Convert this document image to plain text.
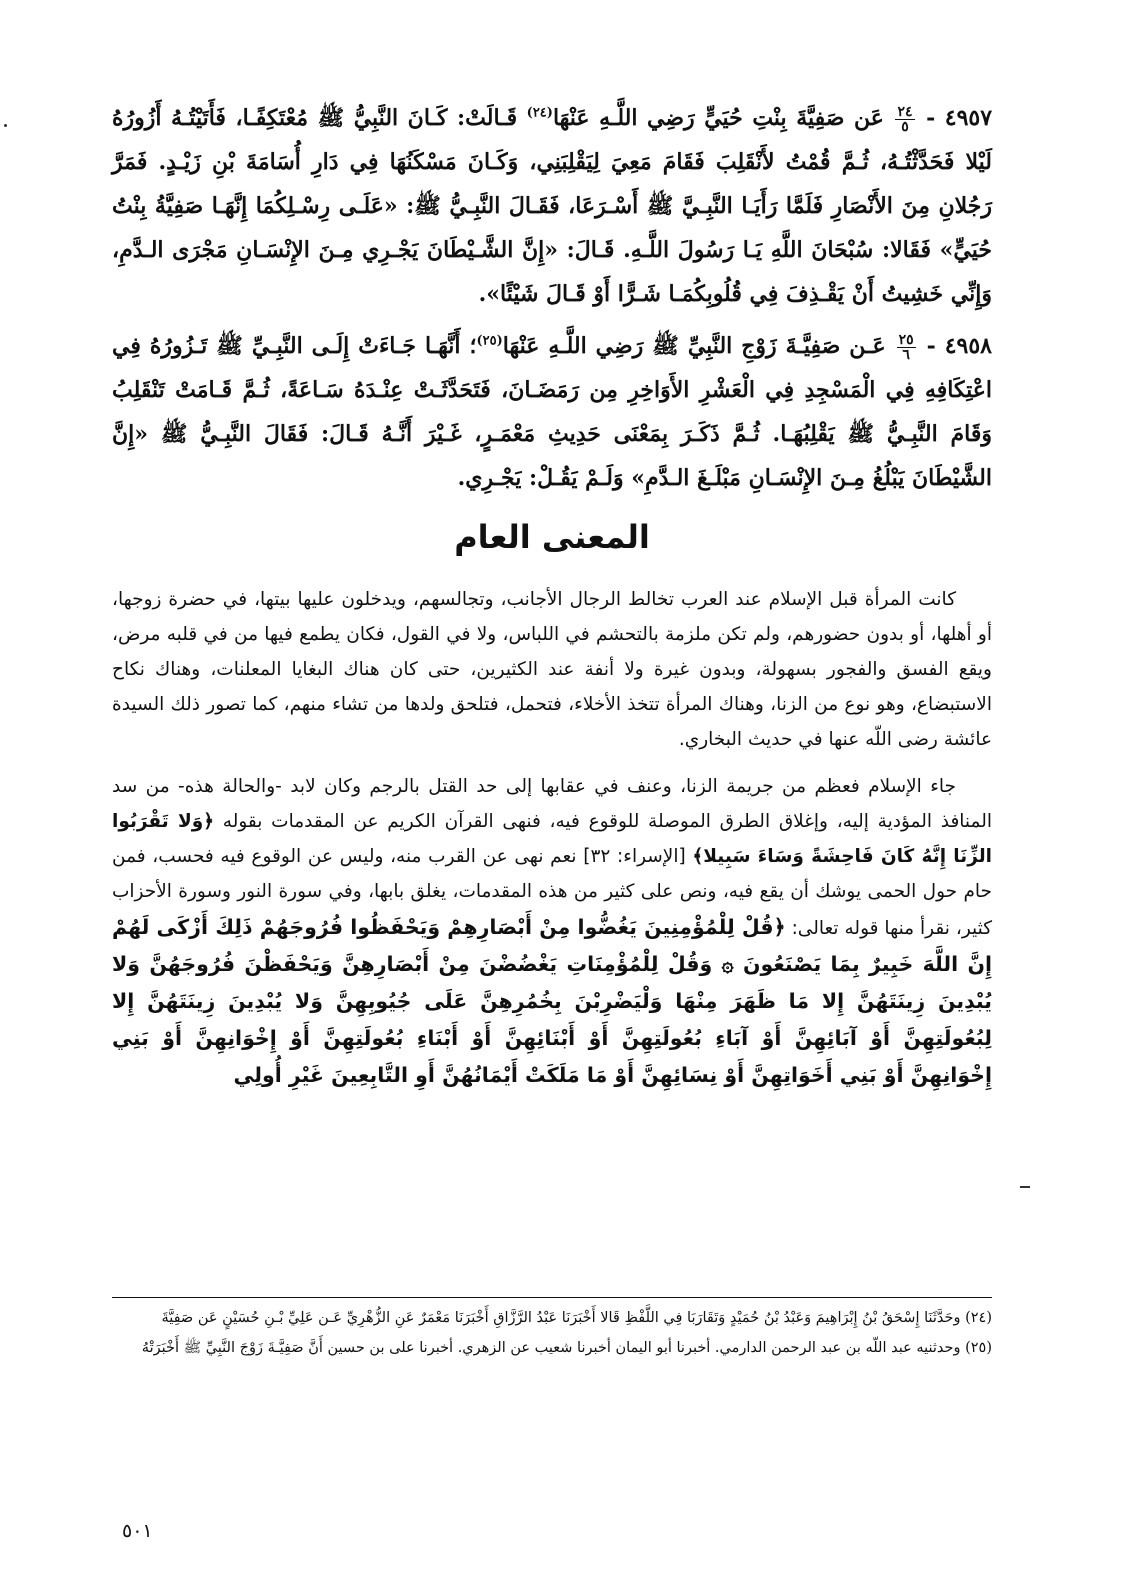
٤٩٥٧ -
$\frac{٢٤}{٥}$
عَن صَفِيَّةَ بِنْتِ حُيَيٍّ رَضِي اللَّـهِ عَنْهَا$^{(٢٤)}$ قَـالَتْ: كَـانَ النَّبِيُّ ﷺ مُعْتَكِفًـا، فَأَتَيْتُـهُ أَزُورُهُ لَيْلا فَحَدَّثْتُـهُ، ثُـمَّ قُمْتُ لأَنْقَلِبَ فَقَامَ مَعِيَ لِيَقْلِبَنِي، وَكَـانَ مَسْكَنُهَا فِي دَارِ أُسَامَةَ بْنِ زَيْـدٍ. فَمَرَّ رَجُلانِ مِنَ الأَنْصَارِ فَلَمَّا رَأَيَـا النَّبِـيَّ ﷺ أَسْـرَعَا، فَقَـالَ النَّبِـيُّ ﷺ: «عَلَـى رِسْـلِكُمَا إِنَّهَـا صَفِيَّةُ بِنْتُ حُيَيٍّ» فَقَالا: سُبْحَانَ اللَّهِ يَـا رَسُولَ اللَّـهِ. قَـالَ: «إِنَّ الشَّـيْطَانَ يَجْـرِي مِـنَ الإِنْسَـانِ مَجْرَى الـدَّمِ، وَإِنِّي خَشِيتُ أَنْ يَقْـذِفَ فِي قُلُوبِكُمَـا شَـرًّا أَوْ قَـالَ شَيْئًا».

٤٩٥٨ -
$\frac{٢٥}{٦}$
عَـن صَفِيَّـةَ زَوْجِ النَّبِيِّ ﷺ رَضِي اللَّـهِ عَنْهَا$^{(٢٥)}$؛ أَنَّهَـا جَـاءَتْ إِلَـى النَّبِـيِّ ﷺ تَـزُورُهُ فِي اعْتِكَافِهِ فِي الْمَسْجِدِ فِي الْعَشْرِ الأَوَاخِرِ مِن رَمَضَـانَ، فَتَحَدَّثَـتْ عِنْـدَهُ سَـاعَةً، ثُـمَّ قَـامَتْ تَنْقَلِبُ وَقَامَ النَّبِـيُّ ﷺ يَقْلِبُهَـا. ثُـمَّ ذَكَـرَ بِمَعْنَى حَدِيثِ مَعْمَـرٍ، غَـيْرَ أَنَّـهُ قَـالَ: فَقَالَ النَّبِـيُّ ﷺ «إِنَّ الشَّيْطَانَ يَبْلُغُ مِـنَ الإِنْسَـانِ مَبْلَـغَ الـدَّمِ» وَلَـمْ يَقُـلْ: يَجْـرِي.

المعنى العام

كانت المرأة قبل الإسلام عند العرب تخالط الرجال الأجانب، وتجالسهم، ويدخلون عليها بيتها، في حضرة زوجها، أو أهلها، أو بدون حضورهم، ولم تكن ملزمة بالتحشم في اللباس، ولا في القول، فكان يطمع فيها من في قلبه مرض، ويقع الفسق والفجور بسهولة، وبدون غيرة ولا أنفة عند الكثيرين، حتى كان هناك البغايا المعلنات، وهناك نكاح الاستبضاع، وهو نوع من الزنا، وهناك المرأة تتخذ الأخلاء، فتحمل، فتلحق ولدها من تشاء منهم، كما تصور ذلك السيدة عائشة رضى اللّه عنها في حديث البخاري.

جاء الإسلام فعظم من جريمة الزنا، وعنف في عقابها إلى حد القتل بالرجم وكان لابد -والحالة هذه- من سد المنافذ المؤدية إليه، وإغلاق الطرق الموصلة للوقوع فيه، فنهى القرآن الكريم عن المقدمات بقوله ﴿وَلا تَقْرَبُوا الزِّنَا إِنَّهُ كَانَ فَاحِشَةً وَسَاءَ سَبِيلا﴾ [الإسراء: ٣٢] نعم نهى عن القرب منه، وليس عن الوقوع فيه فحسب، فمن حام حول الحمى يوشك أن يقع فيه، ونص على كثير من هذه المقدمات، يغلق بابها، وفي سورة النور وسورة الأحزاب كثير، نقرأ منها قوله تعالى: ﴿قُلْ لِلْمُؤْمِنِينَ يَغُضُّوا مِنْ أَبْصَارِهِمْ وَيَحْفَظُوا فُرُوجَهُمْ ذَلِكَ أَزْكَى لَهُمْ إِنَّ اللَّهَ خَبِيرٌ بِمَا يَصْنَعُونَ ۞ وَقُلْ لِلْمُؤْمِنَاتِ يَغْضُضْنَ مِنْ أَبْصَارِهِنَّ وَيَحْفَظْنَ فُرُوجَهُنَّ وَلا يُبْدِينَ زِينَتَهُنَّ إِلا مَا ظَهَرَ مِنْهَا وَلْيَضْرِبْنَ بِخُمُرِهِنَّ عَلَى جُيُوبِهِنَّ وَلا يُبْدِينَ زِينَتَهُنَّ إِلا لِبُعُولَتِهِنَّ أَوْ آبَائِهِنَّ أَوْ آبَاءِ بُعُولَتِهِنَّ أَوْ أَبْنَائِهِنَّ أَوْ أَبْنَاءِ بُعُولَتِهِنَّ أَوْ إِخْوَانِهِنَّ أَوْ بَنِي إِخْوَانِهِنَّ أَوْ بَنِي أَخَوَاتِهِنَّ أَوْ نِسَائِهِنَّ أَوْ مَا مَلَكَتْ أَيْمَانُهُنَّ أَوِ التَّابِعِينَ غَيْرِ أُولِي

(٢٤) وحَدَّثَنَا إِسْحَقُ بْنُ إِبْرَاهِيمَ وَعَبْدُ بْنُ حُمَيْدٍ وَتَقَارَبَا فِي اللَّفْظِ قَالا أَخْبَرَنَا عَبْدُ الرَّزَّاقِ أَخْبَرَنَا مَعْمَرٌ عَنِ الزُّهْرِيِّ عَـن عَلِيِّ بْـنِ حُسَيْنٍ عَن صَفِيَّةَ

(٢٥) وحدثنيه عبد اللّه بن عبد الرحمن الدارمي. أخبرنا أبو اليمان أخبرنا شعيب عن الزهري. أخبرنا على بن حسين أَنَّ صَفِيَّـةَ زَوْجَ النَّبِيِّ ﷺ أَخْبَرَتْهُ

٥٠١
